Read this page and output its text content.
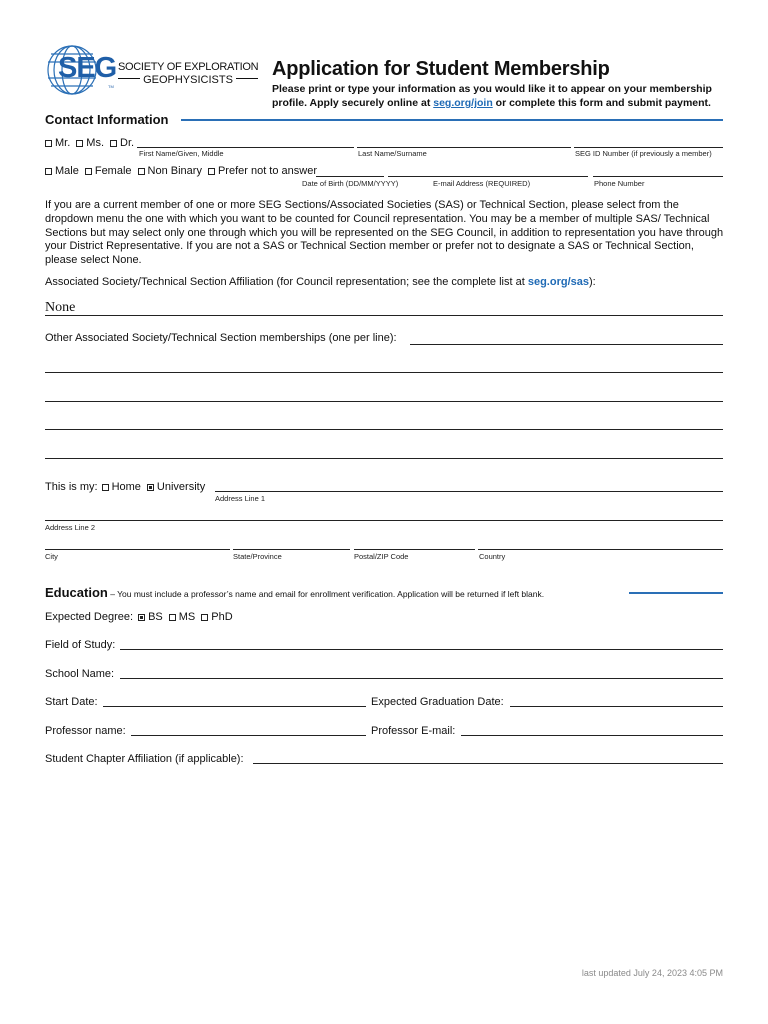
SEG
TM
SOCIETY OF EXPLORATION
GEOPHYSICISTS	Application for Student Membership
Please print or type your information as you would like it to appear on your membership profile. Apply securely online at seg.org/join or complete this form and submit payment.
Contact Information
Mr. Ms. Dr.
First Name/Given, Middle	Last Name/Surname	SEG ID Number (if previously a member)
Male Female Non Binary Prefer not to answer
Date of Birth (DD/MM/YYYY)	E-mail Address (REQUIRED)	Phone Number
If you are a current member of one or more SEG Sections/Associated Societies (SAS) or Technical Section, please select from the dropdown menu the one with which you want to be counted for Council representation. You may be a member of multiple SAS/ Technical Sections but may select only one through which you will be represented on the SEG Council, in addition to representation you have through your District Representative. If you are not a SAS or Technical Section member or prefer not to designate a SAS or Technical Section, please select None.
Associated Society/Technical Section Affiliation (for Council representation; see the complete list at seg.org/sas):
None
Other Associated Society/Technical Section memberships (one per line):
This is my: Home University
Address Line 1
Address Line 2
City	State/Province	Postal/ZIP Code	Country
Education – You must include a professor’s name and email for enrollment verification. Application will be returned if left blank.
Expected Degree: BS MS PhD
Field of Study:
School Name:
Start Date:	Expected Graduation Date:
Professor name:	Professor E-mail:
Student Chapter Affiliation (if applicable):
last updated July 24, 2023 4:05 PM
